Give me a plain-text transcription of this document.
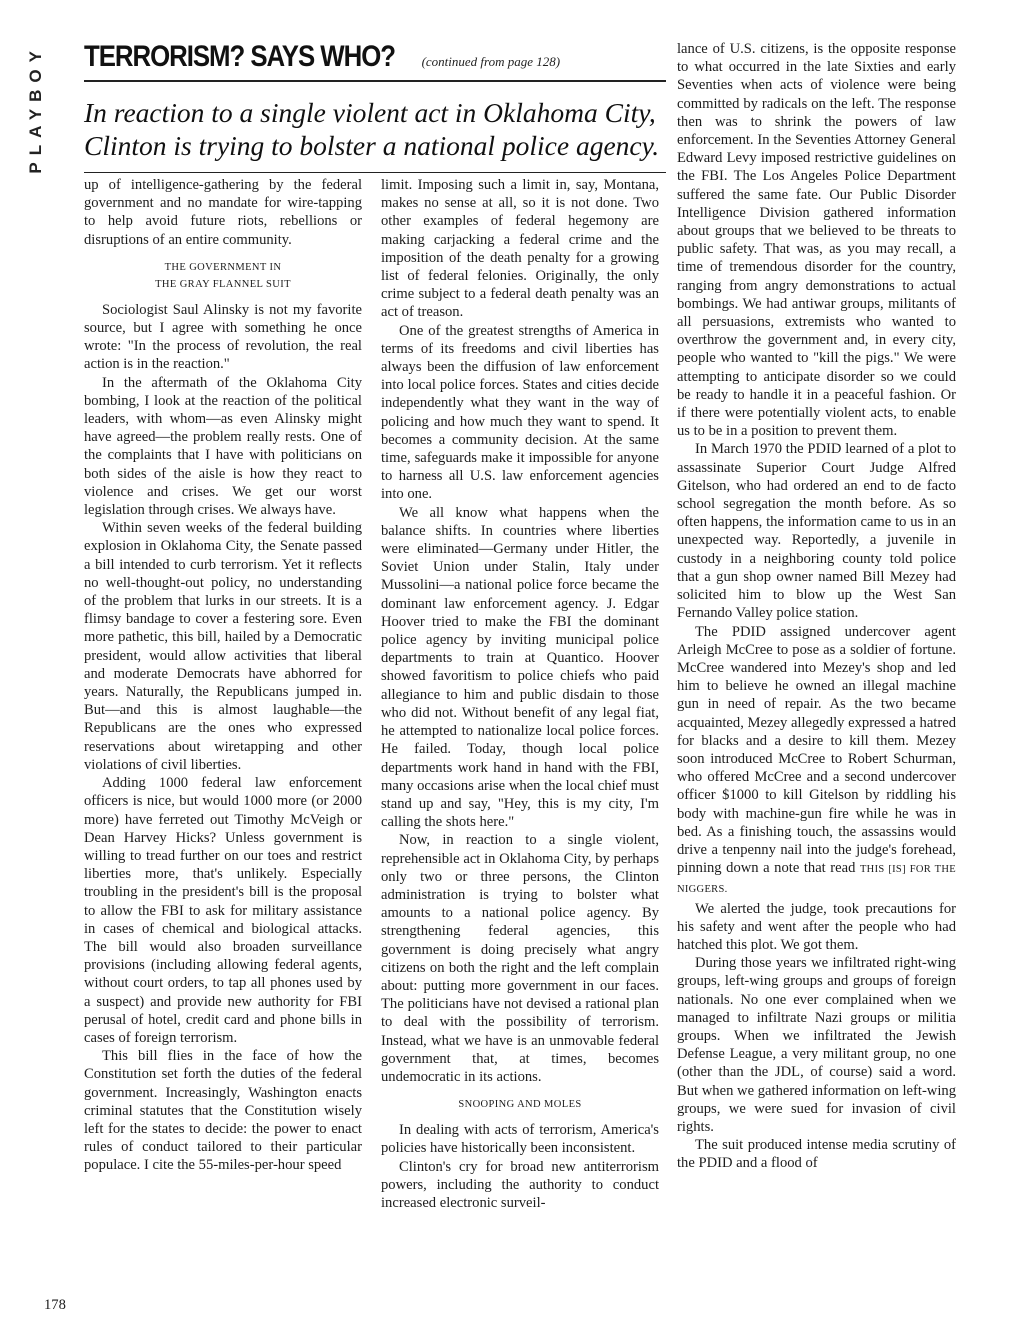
PLAYBOY	TERRORISM? SAYS WHO? (continued from page 128)
In reaction to a single violent act in Oklahoma City, Clinton is trying to bolster a national police agency.

up of intelligence-gathering by the federal government and no mandate for wire-tapping to help avoid future riots, rebellions or disruptions of an entire community.

THE GOVERNMENT IN
THE GRAY FLANNEL SUIT

Sociologist Saul Alinsky is not my favorite source, but I agree with something he once wrote: "In the process of revolution, the real action is in the reaction."

In the aftermath of the Oklahoma City bombing, I look at the reaction of the political leaders, with whom—as even Alinsky might have agreed—the problem really rests. One of the complaints that I have with politicians on both sides of the aisle is how they react to violence and crises. We get our worst legislation through crises. We always have.

Within seven weeks of the federal building explosion in Oklahoma City, the Senate passed a bill intended to curb terrorism. Yet it reflects no well-thought-out policy, no understanding of the problem that lurks in our streets. It is a flimsy bandage to cover a festering sore. Even more pathetic, this bill, hailed by a Democratic president, would allow activities that liberal and moderate Democrats have abhorred for years. Naturally, the Republicans jumped in. But—and this is almost laughable—the Republicans are the ones who expressed reservations about wiretapping and other violations of civil liberties.

Adding 1000 federal law enforcement officers is nice, but would 1000 more (or 2000 more) have ferreted out Timothy McVeigh or Dean Harvey Hicks? Unless government is willing to tread further on our toes and restrict liberties more, that's unlikely. Especially troubling in the president's bill is the proposal to allow the FBI to ask for military assistance in cases of chemical and biological attacks. The bill would also broaden surveillance provisions (including allowing federal agents, without court orders, to tap all phones used by a suspect) and provide new authority for FBI perusal of hotel, credit card and phone bills in cases of foreign terrorism.

This bill flies in the face of how the Constitution set forth the duties of the federal government. Increasingly, Washington enacts criminal statutes that the Constitution wisely left for the states to decide: the power to enact rules of conduct tailored to their particular populace. I cite the 55-miles-per-hour speed

limit. Imposing such a limit in, say, Montana, makes no sense at all, so it is not done. Two other examples of federal hegemony are making carjacking a federal crime and the imposition of the death penalty for a growing list of federal felonies. Originally, the only crime subject to a federal death penalty was an act of treason.

One of the greatest strengths of America in terms of its freedoms and civil liberties has always been the diffusion of law enforcement into local police forces. States and cities decide independently what they want in the way of policing and how much they want to spend. It becomes a community decision. At the same time, safeguards make it impossible for anyone to harness all U.S. law enforcement agencies into one.

We all know what happens when the balance shifts. In countries where liberties were eliminated—Germany under Hitler, the Soviet Union under Stalin, Italy under Mussolini—a national police force became the dominant law enforcement agency. J. Edgar Hoover tried to make the FBI the dominant police agency by inviting municipal police departments to train at Quantico. Hoover showed favoritism to police chiefs who paid allegiance to him and public disdain to those who did not. Without benefit of any legal fiat, he attempted to nationalize local police forces. He failed. Today, though local police departments work hand in hand with the FBI, many occasions arise when the local chief must stand up and say, "Hey, this is my city, I'm calling the shots here."

Now, in reaction to a single violent, reprehensible act in Oklahoma City, by perhaps only two or three persons, the Clinton administration is trying to bolster what amounts to a national police agency. By strengthening federal agencies, this government is doing precisely what angry citizens on both the right and the left complain about: putting more government in our faces. The politicians have not devised a rational plan to deal with the possibility of terrorism. Instead, what we have is an unmovable federal government that, at times, becomes undemocratic in its actions.

SNOOPING AND MOLES

In dealing with acts of terrorism, America's policies have historically been inconsistent.

Clinton's cry for broad new antiterrorism powers, including the authority to conduct increased electronic surveil-

lance of U.S. citizens, is the opposite response to what occurred in the late Sixties and early Seventies when acts of violence were being committed by radicals on the left. The response then was to shrink the powers of law enforcement. In the Seventies Attorney General Edward Levy imposed restrictive guidelines on the FBI. The Los Angeles Police Department suffered the same fate. Our Public Disorder Intelligence Division gathered information about groups that we believed to be threats to public safety. That was, as you may recall, a time of tremendous disorder for the country, ranging from angry demonstrations to actual bombings. We had antiwar groups, militants of all persuasions, extremists who wanted to overthrow the government and, in every city, people who wanted to "kill the pigs." We were attempting to anticipate disorder so we could be ready to handle it in a peaceful fashion. Or if there were potentially violent acts, to enable us to be in a position to prevent them.

In March 1970 the PDID learned of a plot to assassinate Superior Court Judge Alfred Gitelson, who had ordered an end to de facto school segregation the month before. As so often happens, the information came to us in an unexpected way. Reportedly, a juvenile in custody in a neighboring county told police that a gun shop owner named Bill Mezey had solicited him to blow up the West San Fernando Valley police station.

The PDID assigned undercover agent Arleigh McCree to pose as a soldier of fortune. McCree wandered into Mezey's shop and led him to believe he owned an illegal machine gun in need of repair. As the two became acquainted, Mezey allegedly expressed a hatred for blacks and a desire to kill them. Mezey soon introduced McCree to Robert Schurman, who offered McCree and a second undercover officer $1000 to kill Gitelson by riddling his body with machine-gun fire while he was in bed. As a finishing touch, the assassins would drive a tenpenny nail into the judge's forehead, pinning down a note that read THIS [IS] FOR THE NIGGERS.

We alerted the judge, took precautions for his safety and went after the people who had hatched this plot. We got them.

During those years we infiltrated right-wing groups, left-wing groups and groups of foreign nationals. No one ever complained when we managed to infiltrate Nazi groups or militia groups. When we infiltrated the Jewish Defense League, a very militant group, no one (other than the JDL, of course) said a word. But when we gathered information on left-wing groups, we were sued for invasion of civil rights.

The suit produced intense media scrutiny of the PDID and a flood of

178
